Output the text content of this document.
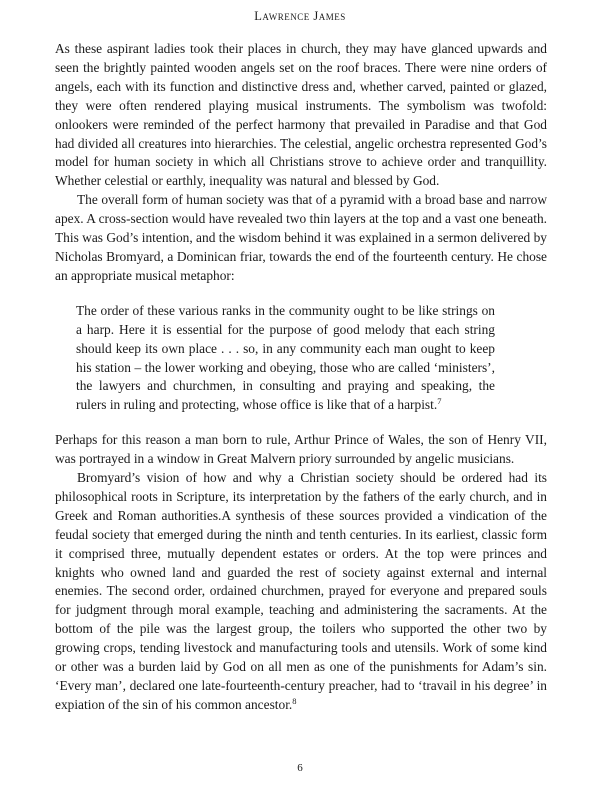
Lawrence James

As these aspirant ladies took their places in church, they may have glanced upwards and seen the brightly painted wooden angels set on the roof braces. There were nine orders of angels, each with its function and distinctive dress and, whether carved, painted or glazed, they were often rendered playing musical instruments. The symbolism was twofold: onlookers were reminded of the perfect harmony that prevailed in Paradise and that God had divided all creatures into hierarchies. The celestial, angelic orchestra represented God’s model for human society in which all Christians strove to achieve order and tranquillity. Whether celestial or earthly, inequality was natural and blessed by God.

The overall form of human society was that of a pyramid with a broad base and narrow apex. A cross-section would have revealed two thin layers at the top and a vast one beneath. This was God’s intention, and the wisdom behind it was explained in a sermon delivered by Nicholas Bromyard, a Dominican friar, towards the end of the fourteenth century. He chose an appropriate musical metaphor:

The order of these various ranks in the community ought to be like strings on a harp. Here it is essential for the purpose of good melody that each string should keep its own place . . . so, in any community each man ought to keep his station – the lower working and obeying, those who are called ‘ministers’, the lawyers and churchmen, in consulting and praying and speaking, the rulers in ruling and protecting, whose office is like that of a harpist.$^7$

Perhaps for this reason a man born to rule, Arthur Prince of Wales, the son of Henry VII, was portrayed in a window in Great Malvern priory surrounded by angelic musicians.

Bromyard’s vision of how and why a Christian society should be ordered had its philosophical roots in Scripture, its interpretation by the fathers of the early church, and in Greek and Roman authorities.A synthesis of these sources provided a vindication of the feudal society that emerged during the ninth and tenth centuries. In its earliest, classic form it comprised three, mutually dependent estates or orders. At the top were princes and knights who owned land and guarded the rest of society against external and internal enemies. The second order, ordained churchmen, prayed for everyone and prepared souls for judgment through moral example, teaching and administering the sacraments. At the bottom of the pile was the largest group, the toilers who supported the other two by growing crops, tending livestock and manufacturing tools and utensils. Work of some kind or other was a burden laid by God on all men as one of the punishments for Adam’s sin. ‘Every man’, declared one late-fourteenth-century preacher, had to ‘travail in his degree’ in expiation of the sin of his common ancestor.$^8$

6
